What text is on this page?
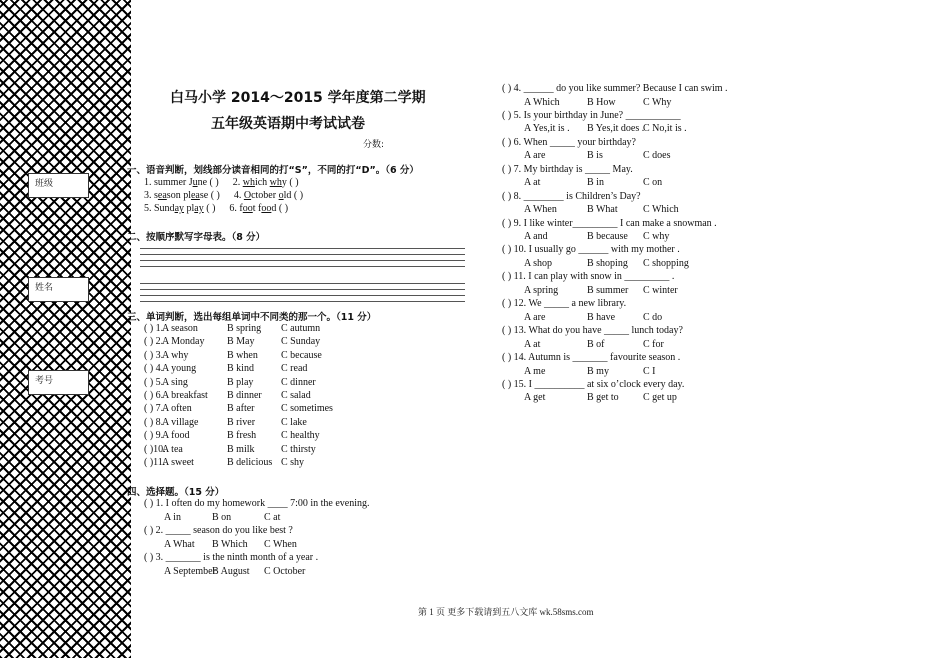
班级
姓名
考号
白马小学 2014～2015 学年度第二学期
五年级英语期中考试试卷
分数:
一、语音判断，划线部分读音相同的打“S”，不同的打“D”。（6 分）
1. summer June ( ) 2. which why ( )
3. season please ( ) 4. October old ( )
5. Sunday play ( ) 6. foot food ( )
二、按顺序默写字母表。（8 分）
三、单词判断，选出每组单词中不同类的那一个。（11 分）
( ) 1.
A season	B spring C autumn
( ) 2.
A Monday B May	C Sunday
( ) 3.
A why	B when C because
( ) 4.
A young	B kind	C read
( ) 5.
A sing	B play	C dinner
( ) 6.
A breakfast B dinner C salad
( ) 7.
A often	B after	C sometimes
( ) 8.
A village	B river	C lake
( ) 9.
A food	B fresh C healthy
( )10.
A tea	B milk	C thirsty
( )11.
A sweet	B delicious C shy
四、选择题。（15 分）
( ) 1. I often do my homework ____ 7:00 in the evening.
A in	B on	C at
( ) 2. _____ season do you like best ?
A What B Which C When
( ) 3. _______ is the ninth month of a year .
A September
B August C October
( ) 4. ______ do you like summer? Because I can swim .
A Which	B How	C Why
( ) 5. Is your birthday in June? ___________
A Yes,it is . B Yes,it does .
C No,it is .
( ) 6. When _____ your birthday?
A are	B is	C does
( ) 7. My birthday is _____ May.
A at	B in	C on
( ) 8. ________ is Children’s Day?
A When	B What	C Which
( ) 9. I like winter_________ I can make a snowman .
A and	B because C why
( ) 10. I usually go ______ with my mother .
A shop	B shoping C shopping
( ) 11. I can play with snow in _________ .
A spring	B summer C winter
( ) 12. We _____ a new library.
A are	B have	C do
( ) 13. What do you have _____ lunch today?
A at	B of	C for
( ) 14. Autumn is _______ favourite season .
A me	B my	C I
( ) 15. I __________ at six o’clock every day.
A get	B get to C get up
第 1 页 更多下载请到五八文库 wk.58sms.com
